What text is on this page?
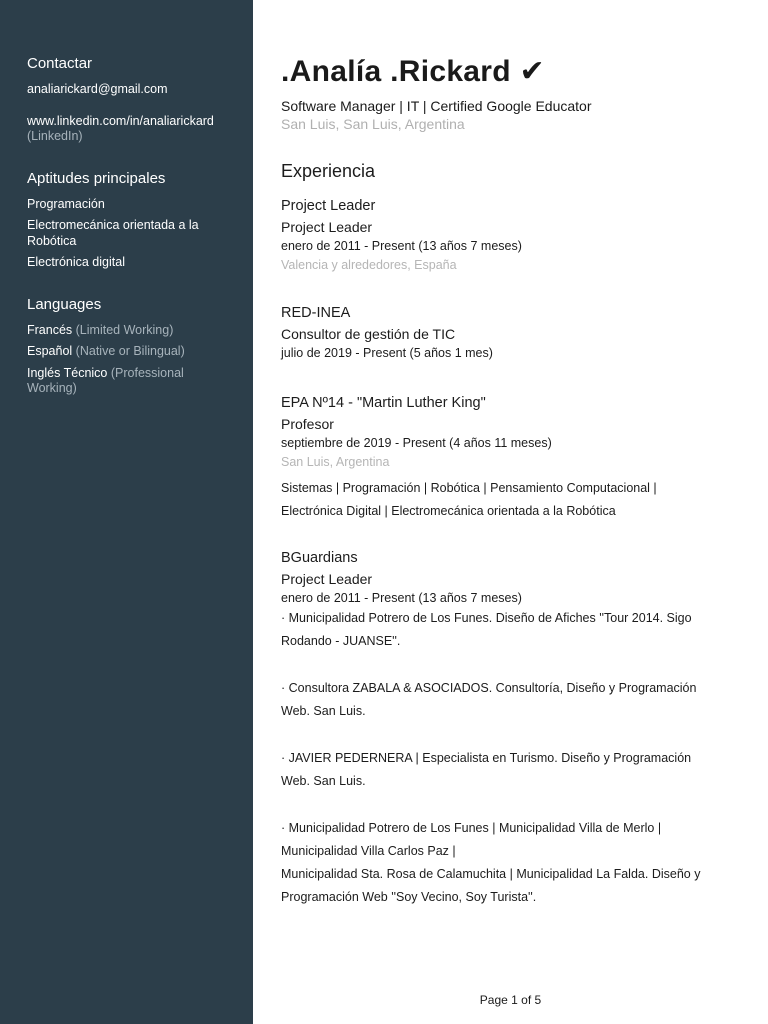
Contactar
analiarickard@gmail.com
www.linkedin.com/in/analiarickard
(LinkedIn)
Aptitudes principales
Programación
Electromecánica orientada a la Robótica
Electrónica digital
Languages
Francés (Limited Working)
Español (Native or Bilingual)
Inglés Técnico (Professional Working)
.Analía .Rickard ✔
Software Manager | IT | Certified Google Educator
San Luis, San Luis, Argentina
Experiencia
Project Leader
Project Leader
enero de 2011 - Present (13 años 7 meses)
Valencia y alrededores, España
RED-INEA
Consultor de gestión de TIC
julio de 2019 - Present (5 años 1 mes)
EPA Nº14 - "Martin Luther King"
Profesor
septiembre de 2019 - Present (4 años 11 meses)
San Luis, Argentina
Sistemas | Programación | Robótica | Pensamiento Computacional |
Electrónica Digital | Electromecánica orientada a la Robótica
BGuardians
Project Leader
enero de 2011 - Present (13 años 7 meses)
· Municipalidad Potrero de Los Funes. Diseño de Afiches ''Tour 2014. Sigo
Rodando - JUANSE''.
· Consultora ZABALA & ASOCIADOS. Consultoría, Diseño y Programación
Web. San Luis.
· JAVIER PEDERNERA | Especialista en Turismo. Diseño y Programación
Web. San Luis.
· Municipalidad Potrero de Los Funes | Municipalidad Villa de Merlo |
Municipalidad Villa Carlos Paz |
Municipalidad Sta. Rosa de Calamuchita | Municipalidad La Falda. Diseño y
Programación Web ''Soy Vecino, Soy Turista''.
Page 1 of 5
